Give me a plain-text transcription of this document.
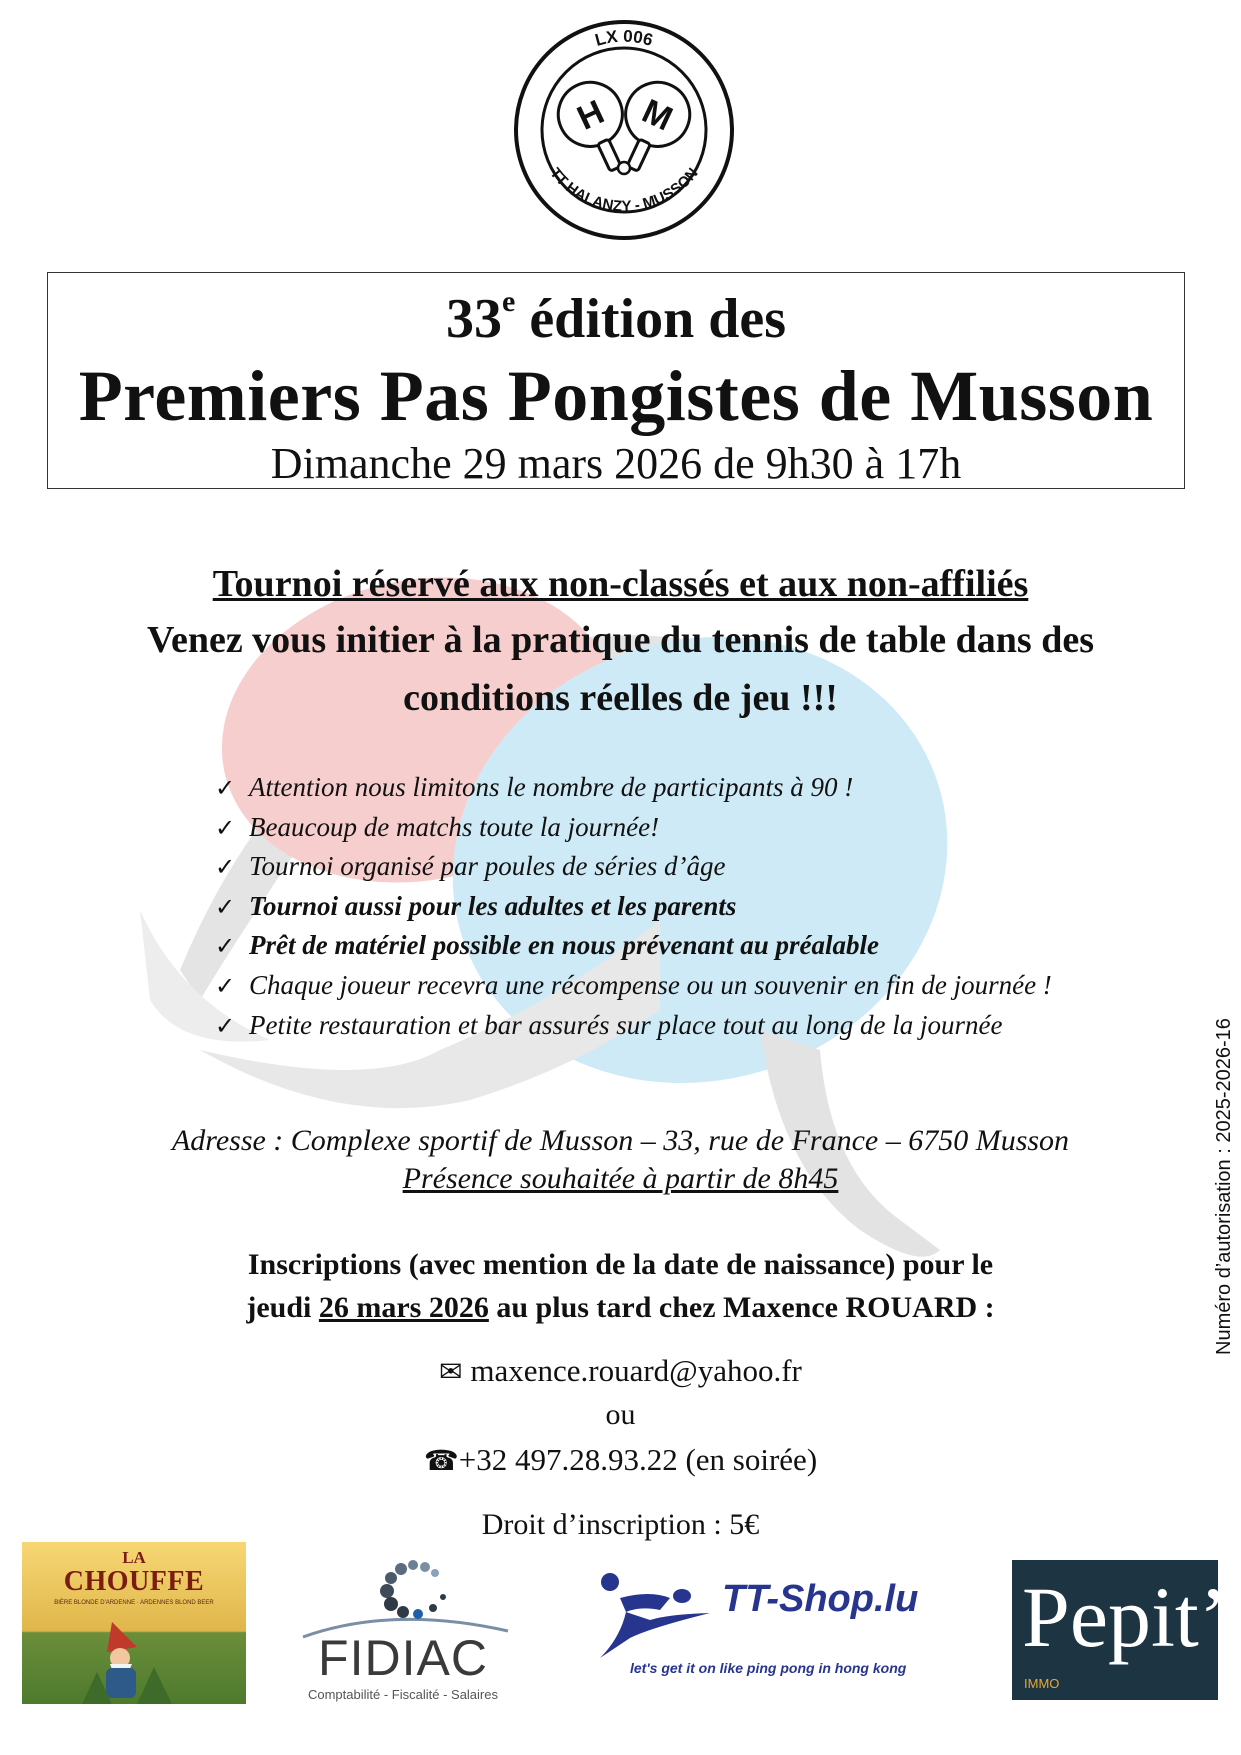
LX 006
TT HALANZY - MUSSON
H M
33e édition des
Premiers Pas Pongistes de Musson
Dimanche 29 mars 2026 de 9h30 à 17h
Tournoi réservé aux non-classés et aux non-affiliés
Venez vous initier à la pratique du tennis de table dans des
conditions réelles de jeu !!!
✓ Attention nous limitons le nombre de participants à 90 !
✓ Beaucoup de matchs toute la journée!
✓ Tournoi organisé par poules de séries d’âge
✓ Tournoi aussi pour les adultes et les parents
✓ Prêt de matériel possible en nous prévenant au préalable
✓ Chaque joueur recevra une récompense ou un souvenir en fin de journée !
✓ Petite restauration et bar assurés sur place tout au long de la journée
Adresse : Complexe sportif de Musson – 33, rue de France – 6750 Musson
Présence souhaitée à partir de 8h45
Inscriptions (avec mention de la date de naissance) pour le
jeudi 26 mars 2026 au plus tard chez Maxence ROUARD :
✉ maxence.rouard@yahoo.fr
ou
☎+32 497.28.93.22 (en soirée)
Droit d’inscription : 5€
Numéro d’autorisation : 2025-2026-16
LA
CHOUFFE
BIÈRE BLONDE D'ARDENNE · ARDENNES BLOND BEER
FIDIAC
Comptabilité - Fiscalité - Salaires
TT-Shop.lu
let's get it on like ping pong in hong kong
Pepit’
IMMO
